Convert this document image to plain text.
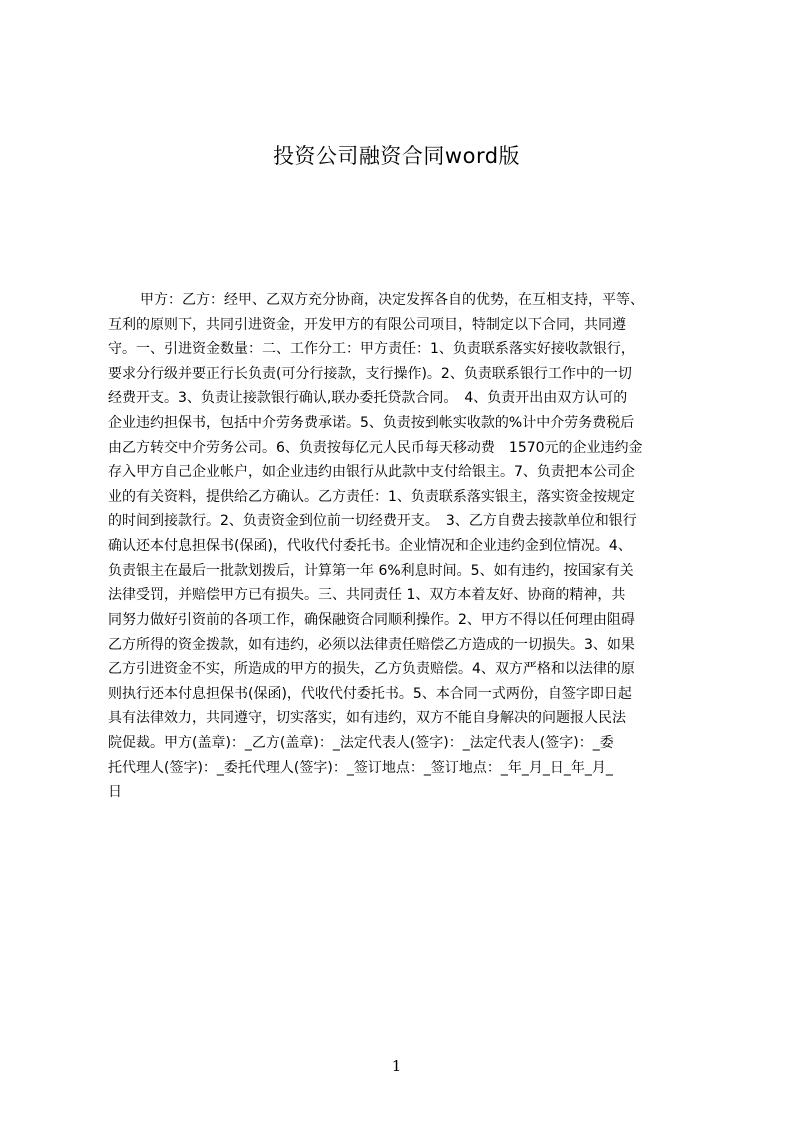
投资公司融资合同word版
甲方：乙方：经甲、乙双方充分协商，决定发挥各自的优势，在互相支持，平等、
互利的原则下，共同引进资金，开发甲方的有限公司项目，特制定以下合同，共同遵
守。一、引进资金数量：二、工作分工：甲方责任：1、负责联系落实好接收款银行，
要求分行级并要正行长负责(可分行接款，支行操作)。2、负责联系银行工作中的一切
经费开支。3、负责让接款银行确认,联办委托贷款合同。　4、负责开出由双方认可的
企业违约担保书，包括中介劳务费承诺。5、负责按到帐实收款的%计中介劳务费税后
由乙方转交中介劳务公司。6、负责按每亿元人民币每天移动费　1570元的企业违约金
存入甲方自己企业帐户，如企业违约由银行从此款中支付给银主。7、负责把本公司企
业的有关资料，提供给乙方确认。乙方责任：1、负责联系落实银主，落实资金按规定
的时间到接款行。2、负责资金到位前一切经费开支。　3、乙方自费去接款单位和银行
确认还本付息担保书(保函)，代收代付委托书。企业情况和企业违约金到位情况。4、
负责银主在最后一批款划拨后，计算第一年 6%利息时间。5、如有违约，按国家有关
法律受罚，并赔偿甲方已有损失。三、共同责任 1、双方本着友好、协商的精神，共
同努力做好引资前的各项工作，确保融资合同顺利操作。2、甲方不得以任何理由阻碍
乙方所得的资金拨款，如有违约，必须以法律责任赔偿乙方造成的一切损失。3、如果
乙方引进资金不实，所造成的甲方的损失，乙方负责赔偿。4、双方严格和以法律的原
则执行还本付息担保书(保函)，代收代付委托书。5、本合同一式两份，自签字即日起
具有法律效力，共同遵守，切实落实，如有违约，双方不能自身解决的问题报人民法
院促裁。甲方(盖章)：_乙方(盖章)：_法定代表人(签字)：_法定代表人(签字)：_委
托代理人(签字)：_委托代理人(签字)：_签订地点：_签订地点：_年_月_日_年_月_
日
1
